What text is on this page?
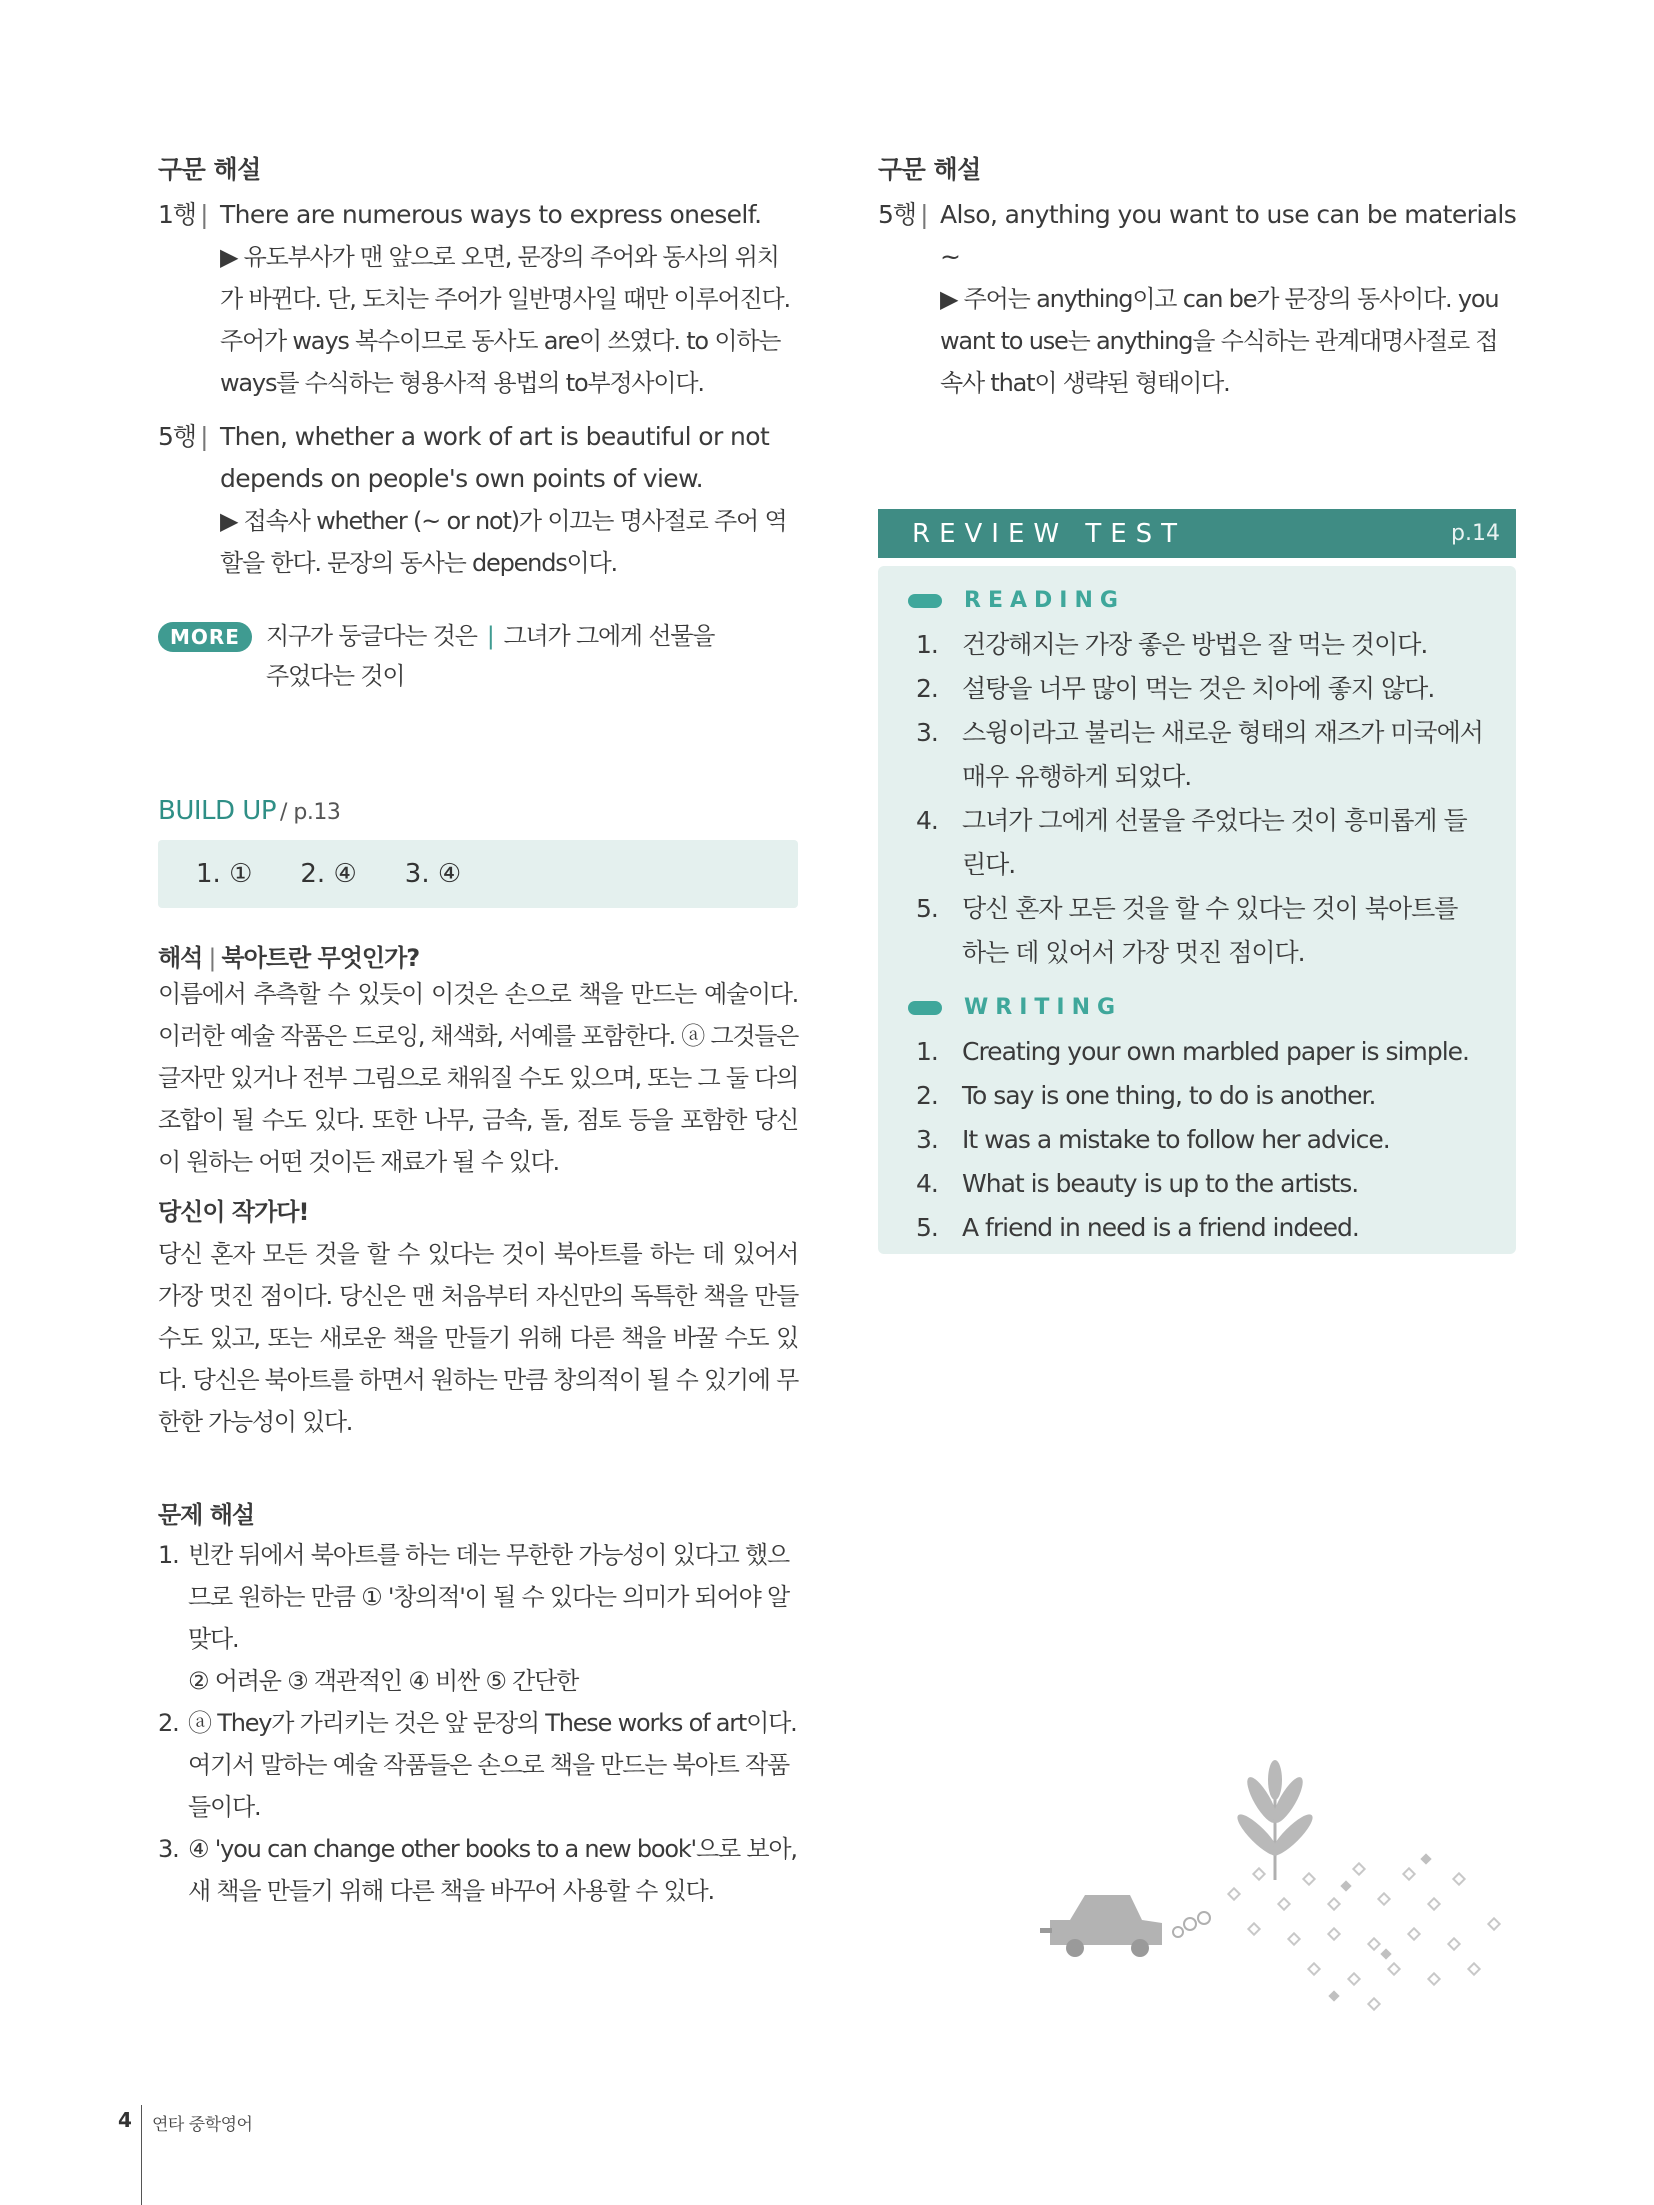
구문 해설
1행 | There are numerous ways to express oneself.
▶ 유도부사가 맨 앞으로 오면, 문장의 주어와 동사의 위치가 바뀐다. 단, 도치는 주어가 일반명사일 때만 이루어진다. 주어가 ways 복수이므로 동사도 are이 쓰였다. to 이하는 ways를 수식하는 형용사적 용법의 to부정사이다.
5행 | Then, whether a work of art is beautiful or not depends on people's own points of view.
▶ 접속사 whether (~ or not)가 이끄는 명사절로 주어 역할을 한다. 문장의 동사는 depends이다.
MORE	지구가 둥글다는 것은 | 그녀가 그에게 선물을 주었다는 것이
BUILD UP / p.13
1. ① 2. ④ 3. ④
해석 | 북아트란 무엇인가?

이름에서 추측할 수 있듯이 이것은 손으로 책을 만드는 예술이다. 이러한 예술 작품은 드로잉, 채색화, 서예를 포함한다. ⓐ 그것들은 글자만 있거나 전부 그림으로 채워질 수도 있으며, 또는 그 둘 다의 조합이 될 수도 있다. 또한 나무, 금속, 돌, 점토 등을 포함한 당신이 원하는 어떤 것이든 재료가 될 수 있다.

당신이 작가다!

당신 혼자 모든 것을 할 수 있다는 것이 북아트를 하는 데 있어서 가장 멋진 점이다. 당신은 맨 처음부터 자신만의 독특한 책을 만들 수도 있고, 또는 새로운 책을 만들기 위해 다른 책을 바꿀 수도 있다. 당신은 북아트를 하면서 원하는 만큼 창의적이 될 수 있기에 무한한 가능성이 있다.

문제 해설
1. 빈칸 뒤에서 북아트를 하는 데는 무한한 가능성이 있다고 했으므로 원하는 만큼 ① '창의적'이 될 수 있다는 의미가 되어야 알맞다.
② 어려운 ③ 객관적인 ④ 비싼 ⑤ 간단한
2. ⓐ They가 가리키는 것은 앞 문장의 These works of art이다. 여기서 말하는 예술 작품들은 손으로 책을 만드는 북아트 작품들이다.
3. ④ 'you can change other books to a new book'으로 보아, 새 책을 만들기 위해 다른 책을 바꾸어 사용할 수 있다.
구문 해설
5행 | Also, anything you want to use can be materials ~
▶ 주어는 anything이고 can be가 문장의 동사이다. you want to use는 anything을 수식하는 관계대명사절로 접속사 that이 생략된 형태이다.
REVIEW TEST	p.14
READING
1. 건강해지는 가장 좋은 방법은 잘 먹는 것이다.
2. 설탕을 너무 많이 먹는 것은 치아에 좋지 않다.
3. 스윙이라고 불리는 새로운 형태의 재즈가 미국에서 매우 유행하게 되었다.
4. 그녀가 그에게 선물을 주었다는 것이 흥미롭게 들린다.
5. 당신 혼자 모든 것을 할 수 있다는 것이 북아트를 하는 데 있어서 가장 멋진 점이다.
WRITING
1. Creating your own marbled paper is simple.
2. To say is one thing, to do is another.
3. It was a mistake to follow her advice.
4. What is beauty is up to the artists.
5. A friend in need is a friend indeed.
4 연타 중학영어
